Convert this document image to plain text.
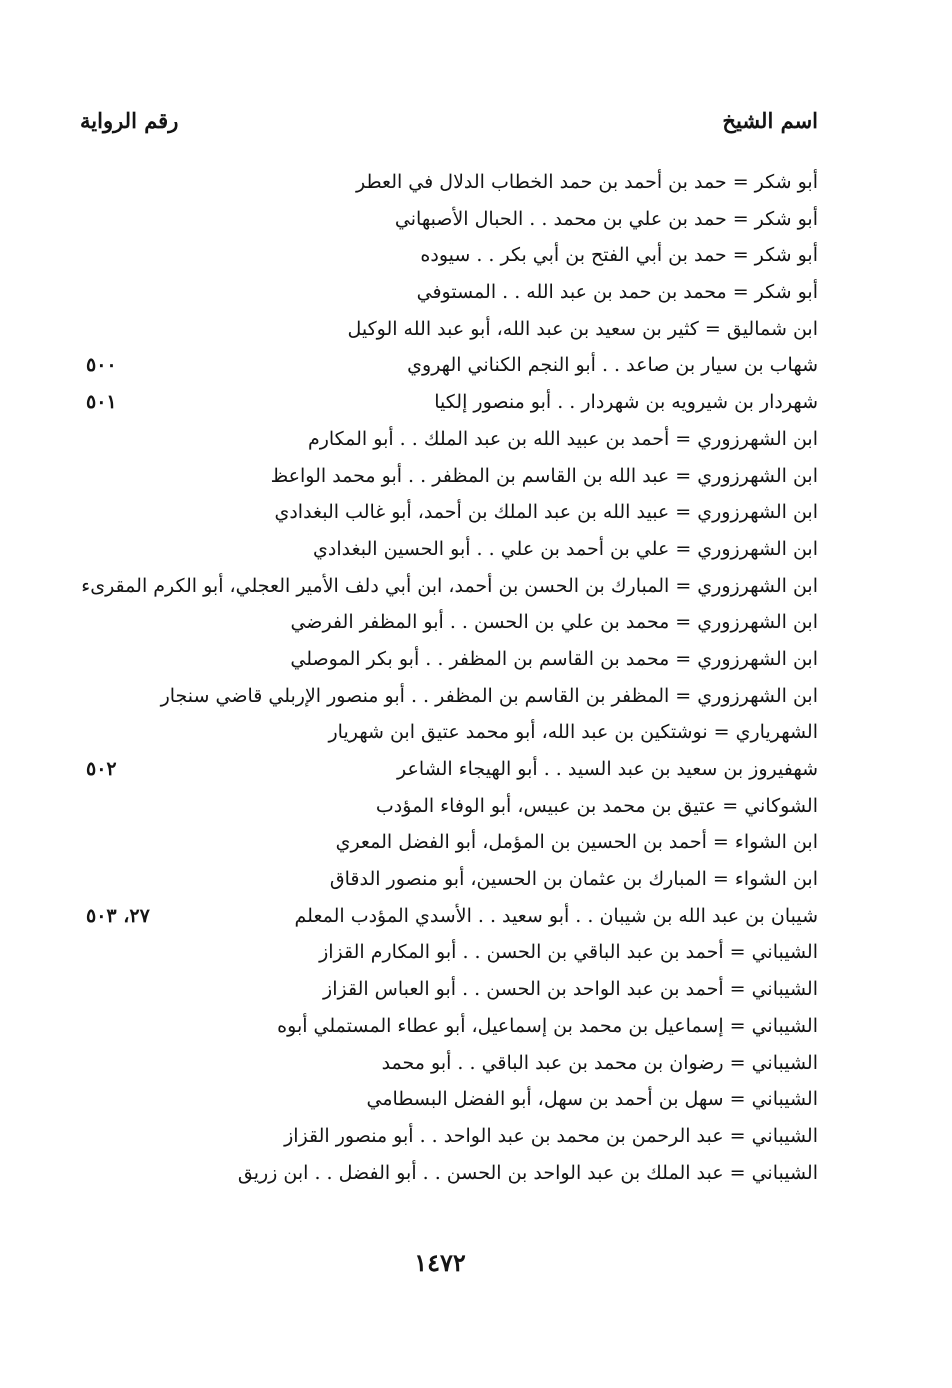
اسم الشيخ
رقم الرواية
أبو شكر = حمد بن أحمد بن حمد الخطاب الدلال في العطر
أبو شكر = حمد بن علي بن محمد . . الحبال الأصبهاني
أبو شكر = حمد بن أبي الفتح بن أبي بكر . . سيوده
أبو شكر = محمد بن حمد بن عبد الله . . المستوفي
ابن شماليق = كثير بن سعيد بن عبد الله، أبو عبد الله الوكيل
شهاب بن سيار بن صاعد . . أبو النجم الكناني الهروي
٥٠٠
شهردار بن شيرويه بن شهردار . . أبو منصور إلكيا
٥٠١
ابن الشهرزوري = أحمد بن عبيد الله بن عبد الملك . . أبو المكارم
ابن الشهرزوري = عبد الله بن القاسم بن المظفر . . أبو محمد الواعظ
ابن الشهرزوري = عبيد الله بن عبد الملك بن أحمد، أبو غالب البغدادي
ابن الشهرزوري = علي بن أحمد بن علي . . أبو الحسين البغدادي
ابن الشهرزوري = المبارك بن الحسن بن أحمد، ابن أبي دلف الأمير العجلي، أبو الكرم المقرىء
ابن الشهرزوري = محمد بن علي بن الحسن . . أبو المظفر الفرضي
ابن الشهرزوري = محمد بن القاسم بن المظفر . . أبو بكر الموصلي
ابن الشهرزوري = المظفر بن القاسم بن المظفر . . أبو منصور الإربلي قاضي سنجار
الشهرياري = نوشتكين بن عبد الله، أبو محمد عتيق ابن شهريار
شهفيروز بن سعيد بن عبد السيد . . أبو الهيجاء الشاعر
٥٠٢
الشوكاني = عتيق بن محمد بن عبيس، أبو الوفاء المؤدب
ابن الشواء = أحمد بن الحسين بن المؤمل، أبو الفضل المعري
ابن الشواء = المبارك بن عثمان بن الحسين، أبو منصور الدقاق
شيبان بن عبد الله بن شيبان . . أبو سعيد . . الأسدي المؤدب المعلم
٢٧، ٥٠٣
الشيباني = أحمد بن عبد الباقي بن الحسن . . أبو المكارم القزاز
الشيباني = أحمد بن عبد الواحد بن الحسن . . أبو العباس القزاز
الشيباني = إسماعيل بن محمد بن إسماعيل، أبو عطاء المستملي أبوه
الشيباني = رضوان بن محمد بن عبد الباقي . . أبو محمد
الشيباني = سهل بن أحمد بن سهل، أبو الفضل البسطامي
الشيباني = عبد الرحمن بن محمد بن عبد الواحد . . أبو منصور القزاز
الشيباني = عبد الملك بن عبد الواحد بن الحسن . . أبو الفضل . . ابن زريق
١٤٧٢
